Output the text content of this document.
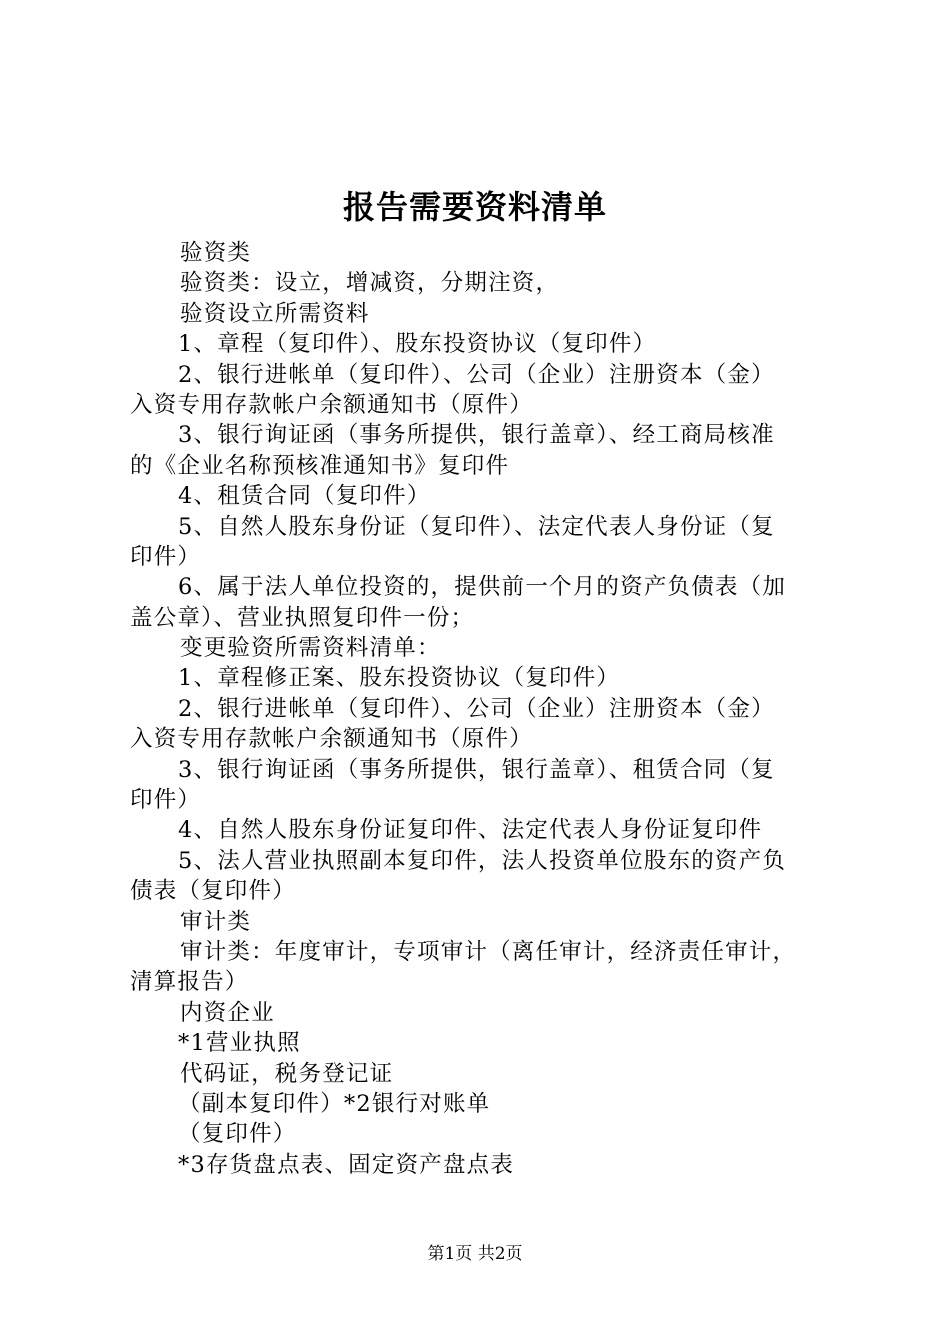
报告需要资料清单
验资类
验资类：设立，增减资，分期注资，
验资设立所需资料
1、章程（复印件）、股东投资协议（复印件）
2、银行进帐单（复印件）、公司（企业）注册资本（金）
入资专用存款帐户余额通知书（原件）
3、银行询证函（事务所提供，银行盖章）、经工商局核准
的《企业名称预核准通知书》复印件
4、租赁合同（复印件）
5、自然人股东身份证（复印件）、法定代表人身份证（复
印件）
6、属于法人单位投资的，提供前一个月的资产负债表（加
盖公章）、营业执照复印件一份；
变更验资所需资料清单：
1、章程修正案、股东投资协议（复印件）
2、银行进帐单（复印件）、公司（企业）注册资本（金）
入资专用存款帐户余额通知书（原件）
3、银行询证函（事务所提供，银行盖章）、租赁合同（复
印件）
4、自然人股东身份证复印件、法定代表人身份证复印件
5、法人营业执照副本复印件，法人投资单位股东的资产负
债表（复印件）
审计类
审计类：年度审计，专项审计（离任审计，经济责任审计，
清算报告）
内资企业
*1营业执照
代码证，税务登记证
（副本复印件）*2银行对账单
（复印件）
*3存货盘点表、固定资产盘点表
第1页 共2页
